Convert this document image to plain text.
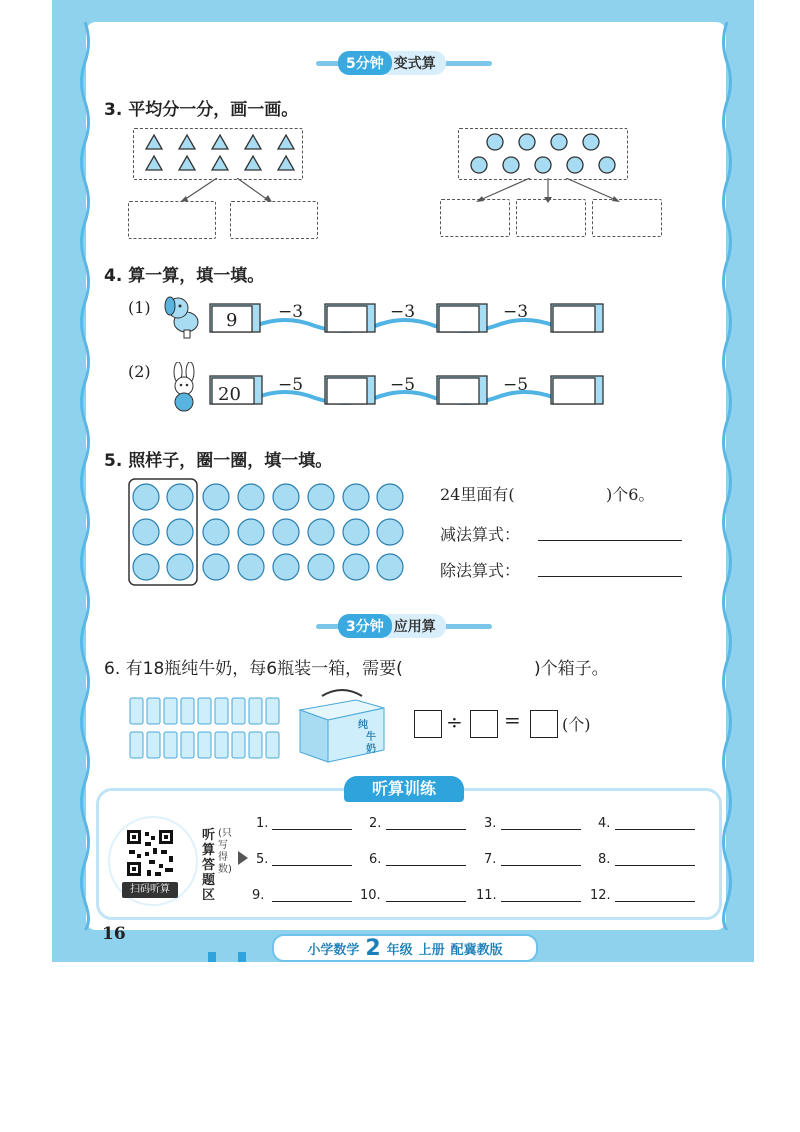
5分钟 变式算
3. 平均分一分，画一画。
4. 算一算，填一填。
(1)
9 −3	−3	−3
(2)
20 −5	−5	−5
5. 照样子，圈一圈，填一填。
24里面有(	)个6。
减法算式：
除法算式：
3分钟 应用算
6. 有18瓶纯牛奶，每6瓶装一箱，需要(	)个箱子。
纯
牛
奶
÷ =	(个)
听算训练
扫码听算
听算答题区
(只写得数)
1.	2.	3.	4.
5.	6.	7.	8.
9.	10.	11.	12.
16
小学数学 2 年级 上册 配冀教版
